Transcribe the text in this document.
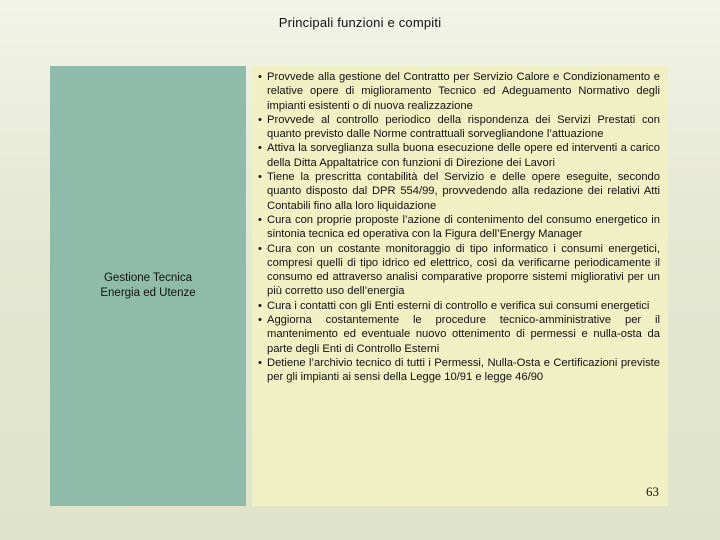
Principali funzioni e compiti
Gestione Tecnica
Energia ed Utenze
• Provvede alla gestione del Contratto per Servizio Calore e Condizionamento e relative opere di miglioramento Tecnico ed Adeguamento Normativo degli impianti esistenti o di nuova realizzazione
• Provvede al controllo periodico della rispondenza dei Servizi Prestati con quanto previsto dalle Norme contrattuali sorvegliandone l’attuazione
• Attiva la sorveglianza sulla buona esecuzione delle opere ed interventi a carico della Ditta Appaltatrice con funzioni di Direzione dei Lavori
• Tiene la prescritta contabilità del Servizio e delle opere eseguite, secondo quanto disposto dal DPR 554/99, provvedendo alla redazione dei relativi Atti Contabili fino alla loro liquidazione
• Cura con proprie proposte l’azione di contenimento del consumo energetico in sintonia tecnica ed operativa con la Figura dell’Energy Manager
• Cura con un costante monitoraggio di tipo informatico i consumi energetici, compresi quelli di tipo idrico ed elettrico, così da verificarne periodicamente il consumo ed attraverso analisi comparative proporre sistemi migliorativi per un più corretto uso dell’energia
• Cura i contatti con gli Enti esterni di controllo e verifica sui consumi energetici
• Aggiorna costantemente le procedure tecnico-amministrative per il mantenimento ed eventuale nuovo ottenimento di permessi e nulla-osta da parte degli Enti di Controllo Esterni
• Detiene l’archivio tecnico di tutti i Permessi, Nulla-Osta e Certificazioni previste per gli impianti ai sensi della Legge 10/91 e legge 46/90
63
